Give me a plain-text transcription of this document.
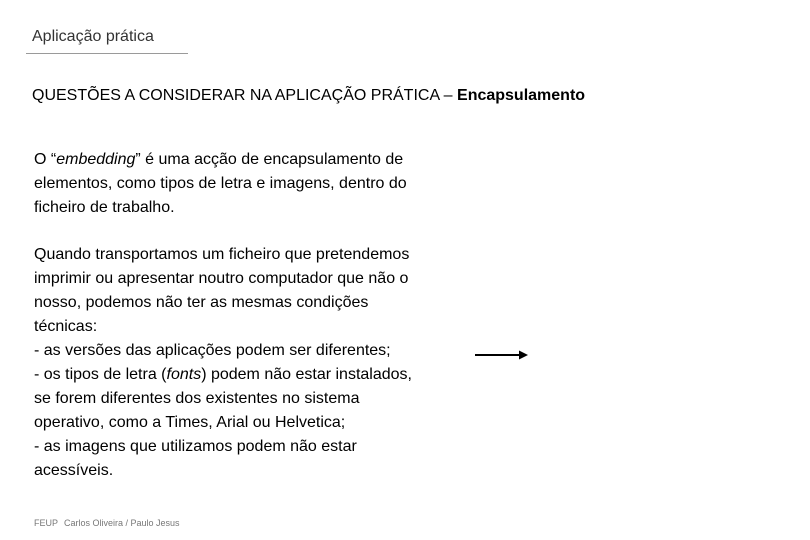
Aplicação prática
QUESTÕES A CONSIDERAR NA APLICAÇÃO PRÁTICA – Encapsulamento
O “embedding” é uma acção de encapsulamento de
elementos, como tipos de letra e imagens, dentro do
ficheiro de trabalho.
Quando transportamos um ficheiro que pretendemos
imprimir ou apresentar noutro computador que não o
nosso, podemos não ter as mesmas condições
técnicas:
- as versões das aplicações podem ser diferentes;
- os tipos de letra (fonts) podem não estar instalados,
se forem diferentes dos existentes no sistema
operativo, como a Times, Arial ou Helvetica;
- as imagens que utilizamos podem não estar
acessíveis.
FEUP Carlos Oliveira / Paulo Jesus
